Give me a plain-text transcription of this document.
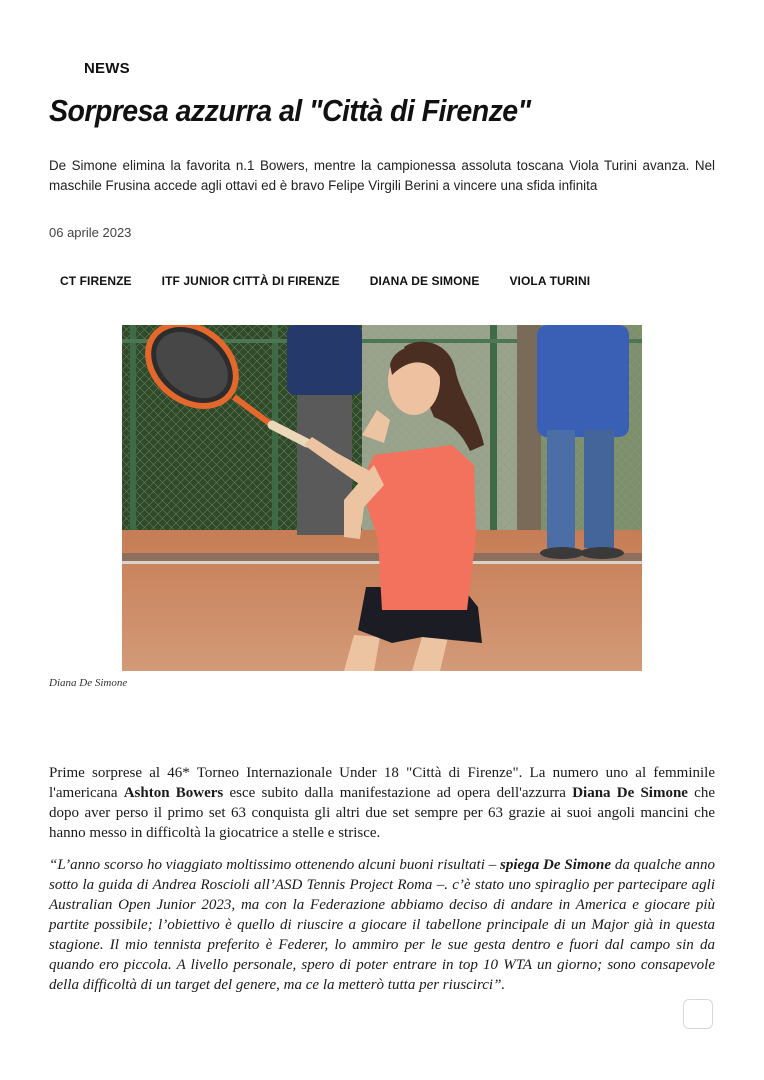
NEWS
Sorpresa azzurra al "Città di Firenze"

De Simone elimina la favorita n.1 Bowers, mentre la campionessa assoluta toscana Viola Turini avanza. Nel maschile Frusina accede agli ottavi ed è bravo Felipe Virgili Berini a vincere una sfida infinita

06 aprile 2023
CT FIRENZE	ITF JUNIOR CITTÀ DI FIRENZE	DIANA DE SIMONE	VIOLA TURINI
Diana De Simone

Prime sorprese al 46* Torneo Internazionale Under 18 "Città di Firenze". La numero uno al femminile l'americana Ashton Bowers esce subito dalla manifestazione ad opera dell'azzurra Diana De Simone che dopo aver perso il primo set 63 conquista gli altri due set sempre per 63 grazie ai suoi angoli mancini che hanno messo in difficoltà la giocatrice a stelle e strisce.

“L’anno scorso ho viaggiato moltissimo ottenendo alcuni buoni risultati – spiega De Simone da qualche anno sotto la guida di Andrea Roscioli all’ASD Tennis Project Roma –. c’è stato uno spiraglio per partecipare agli Australian Open Junior 2023, ma con la Federazione abbiamo deciso di andare in America e giocare più partite possibile; l’obiettivo è quello di riuscire a giocare il tabellone principale di un Major già in questa stagione. Il mio tennista preferito è Federer, lo ammiro per le sue gesta dentro e fuori dal campo sin da quando ero piccola. A livello personale, spero di poter entrare in top 10 WTA un giorno; sono consapevole della difficoltà di un target del genere, ma ce la metterò tutta per riuscirci”.
